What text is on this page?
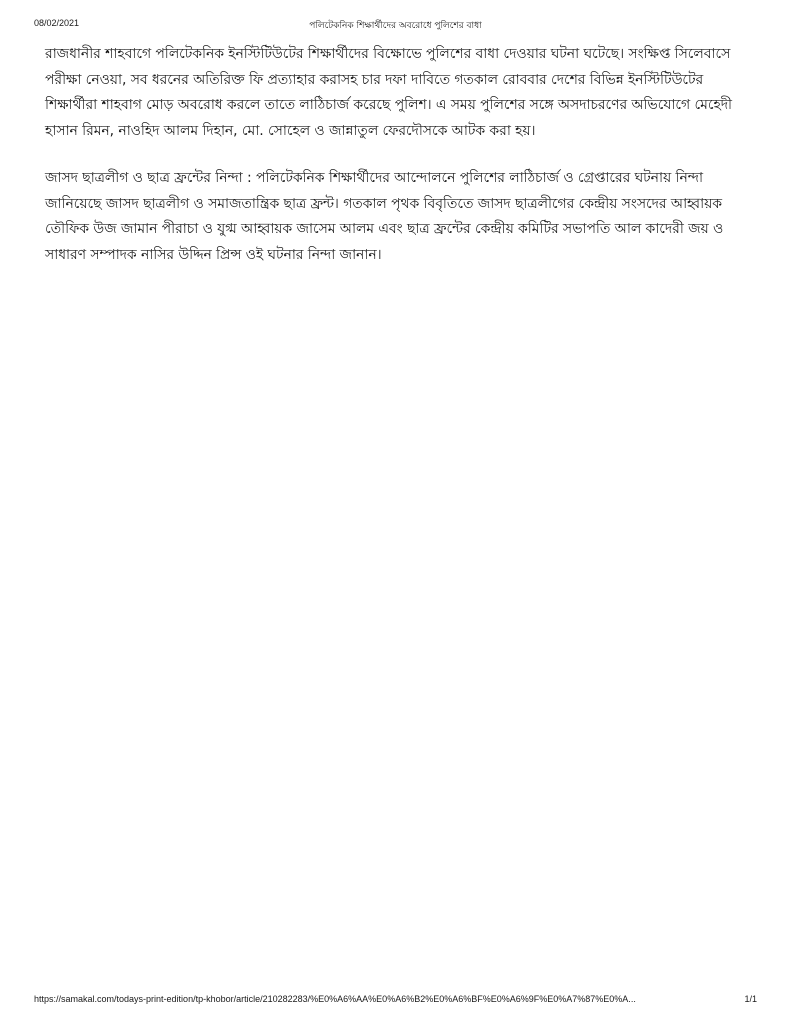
08/02/2021	পলিটেকনিক শিক্ষার্থীদের অবরোধে পুলিশের বাধা

রাজধানীর শাহবাগে পলিটেকনিক ইনস্টিটিউটের শিক্ষার্থীদের বিক্ষোভে পুলিশের বাধা দেওয়ার ঘটনা ঘটেছে। সংক্ষিপ্ত সিলেবাসে পরীক্ষা নেওয়া, সব ধরনের অতিরিক্ত ফি প্রত্যাহার করাসহ চার দফা দাবিতে গতকাল রোববার দেশের বিভিন্ন ইনস্টিটিউটের শিক্ষার্থীরা শাহবাগ মোড় অবরোধ করলে তাতে লাঠিচার্জ করেছে পুলিশ। এ সময় পুলিশের সঙ্গে অসদাচরণের অভিযোগে মেহেদী হাসান রিমন, নাওহিদ আলম দিহান, মো. সোহেল ও জান্নাতুল ফেরদৌসকে আটক করা হয়।

জাসদ ছাত্রলীগ ও ছাত্র ফ্রন্টের নিন্দা : পলিটেকনিক শিক্ষার্থীদের আন্দোলনে পুলিশের লাঠিচার্জ ও গ্রেপ্তারের ঘটনায় নিন্দা জানিয়েছে জাসদ ছাত্রলীগ ও সমাজতান্ত্রিক ছাত্র ফ্রন্ট। গতকাল পৃথক বিবৃতিতে জাসদ ছাত্রলীগের কেন্দ্রীয় সংসদের আহ্বায়ক তৌফিক উজ জামান পীরাচা ও যুগ্ম আহ্বায়ক জাসেম আলম এবং ছাত্র ফ্রন্টের কেন্দ্রীয় কমিটির সভাপতি আল কাদেরী জয় ও সাধারণ সম্পাদক নাসির উদ্দিন প্রিন্স ওই ঘটনার নিন্দা জানান।

https://samakal.com/todays-print-edition/tp-khobor/article/210282283/%E0%A6%AA%E0%A6%B2%E0%A6%BF%E0%A6%9F%E0%A7%87%E0%A...	1/1
